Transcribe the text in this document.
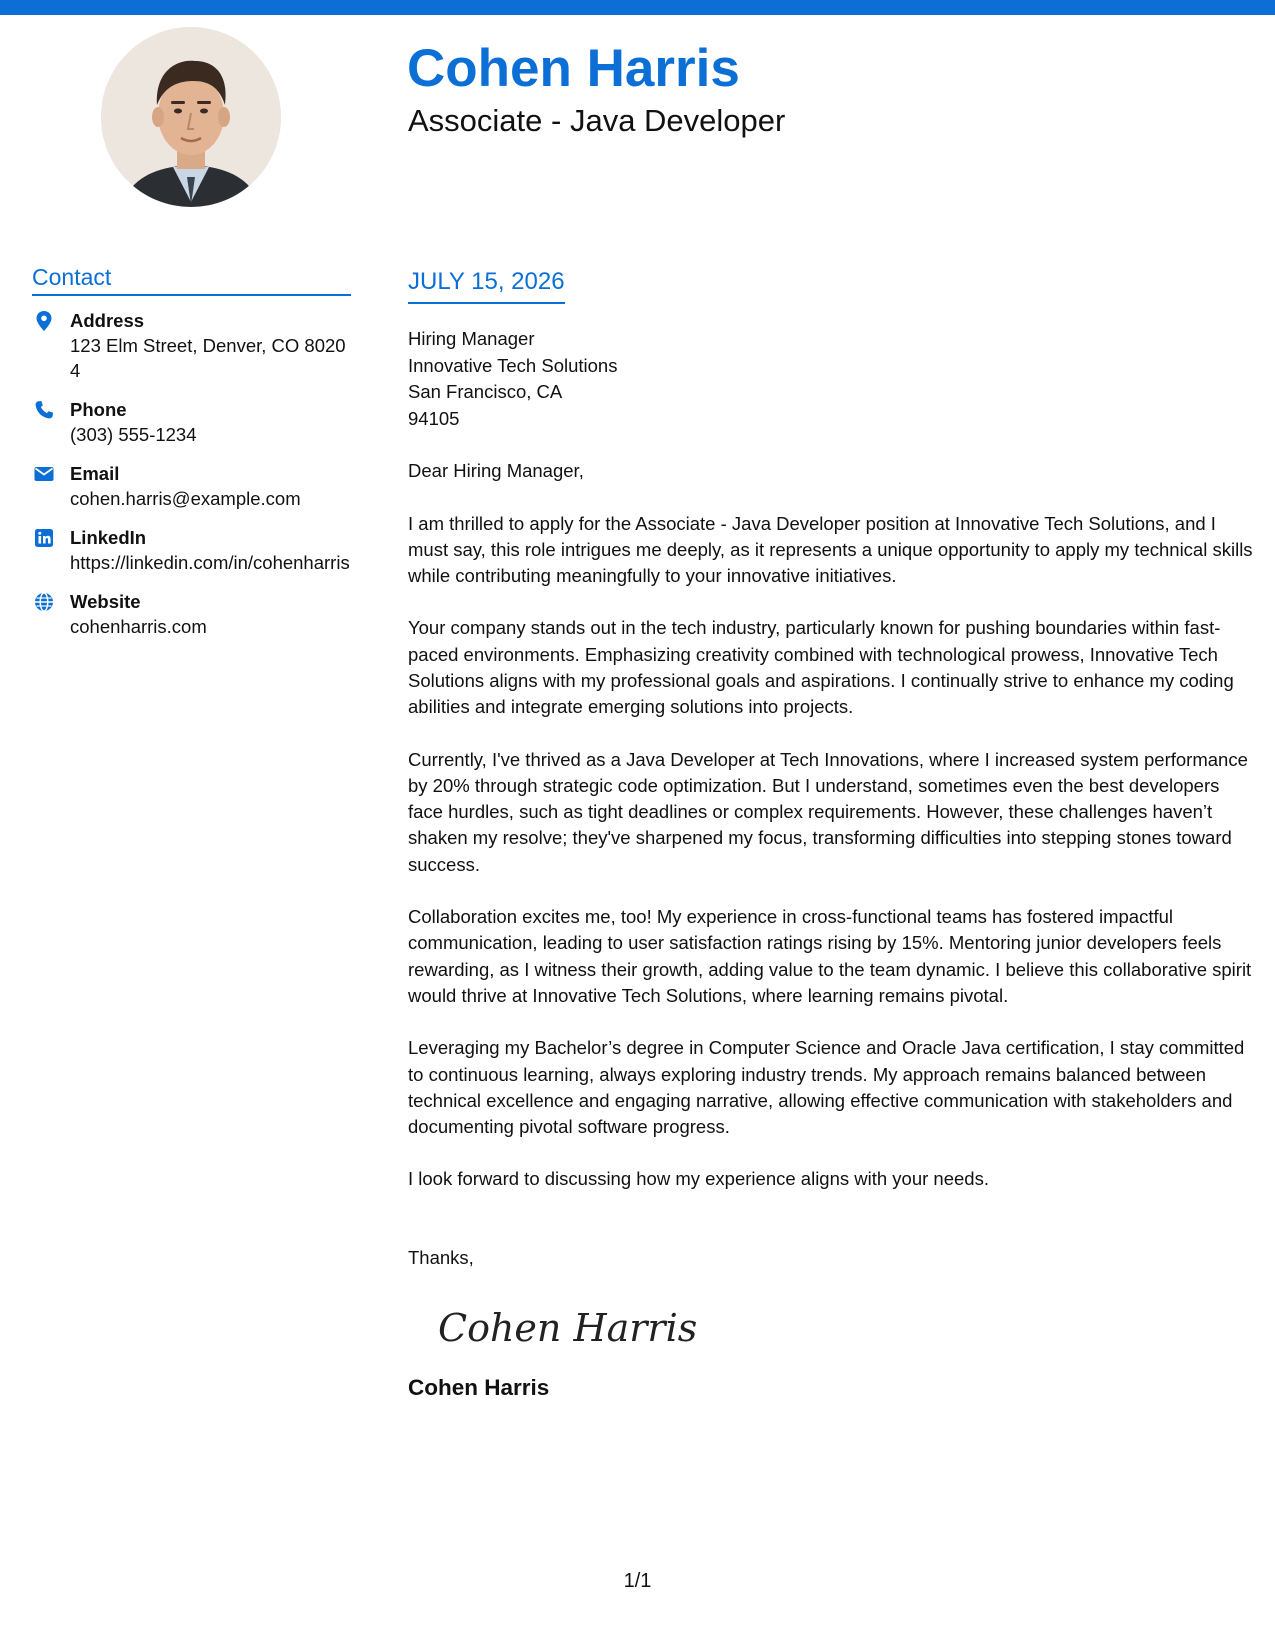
Cohen Harris
Associate - Java Developer
Contact
Address
123 Elm Street, Denver, CO 80204
Phone
(303) 555-1234
Email
cohen.harris@example.com
LinkedIn
https://linkedin.com/in/cohenharris
Website
cohenharris.com
JULY 15, 2026
Hiring Manager
Innovative Tech Solutions
San Francisco, CA
94105
Dear Hiring Manager,
I am thrilled to apply for the Associate - Java Developer position at Innovative Tech Solutions, and I must say, this role intrigues me deeply, as it represents a unique opportunity to apply my technical skills while contributing meaningfully to your innovative initiatives.
Your company stands out in the tech industry, particularly known for pushing boundaries within fast-paced environments. Emphasizing creativity combined with technological prowess, Innovative Tech Solutions aligns with my professional goals and aspirations. I continually strive to enhance my coding abilities and integrate emerging solutions into projects.
Currently, I've thrived as a Java Developer at Tech Innovations, where I increased system performance by 20% through strategic code optimization. But I understand, sometimes even the best developers face hurdles, such as tight deadlines or complex requirements. However, these challenges haven’t shaken my resolve; they've sharpened my focus, transforming difficulties into stepping stones toward success.
Collaboration excites me, too! My experience in cross-functional teams has fostered impactful communication, leading to user satisfaction ratings rising by 15%. Mentoring junior developers feels rewarding, as I witness their growth, adding value to the team dynamic. I believe this collaborative spirit would thrive at Innovative Tech Solutions, where learning remains pivotal.
Leveraging my Bachelor’s degree in Computer Science and Oracle Java certification, I stay committed to continuous learning, always exploring industry trends. My approach remains balanced between technical excellence and engaging narrative, allowing effective communication with stakeholders and documenting pivotal software progress.
I look forward to discussing how my experience aligns with your needs.
Thanks,
Cohen Harris
Cohen Harris
1/1
